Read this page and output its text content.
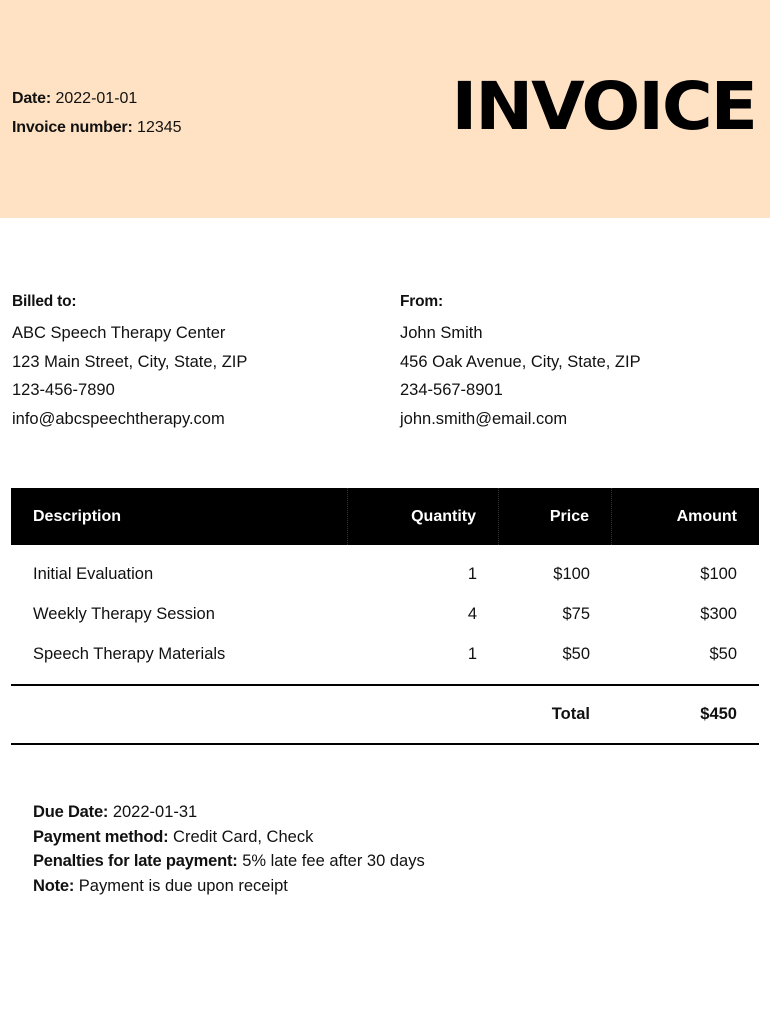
Date: 2022-01-01
Invoice number: 12345	INVOICE
Billed to:
ABC Speech Therapy Center
123 Main Street, City, State, ZIP
123-456-7890
info@abcspeechtherapy.com
From:
John Smith
456 Oak Avenue, City, State, ZIP
234-567-8901
john.smith@email.com
Description	Quantity	Price	Amount
Initial Evaluation	1	$100	$100
Weekly Therapy Session	4	$75	$300
Speech Therapy Materials	1	$50	$50
Total	$450
Due Date: 2022-01-31
Payment method: Credit Card, Check
Penalties for late payment: 5% late fee after 30 days
Note: Payment is due upon receipt
